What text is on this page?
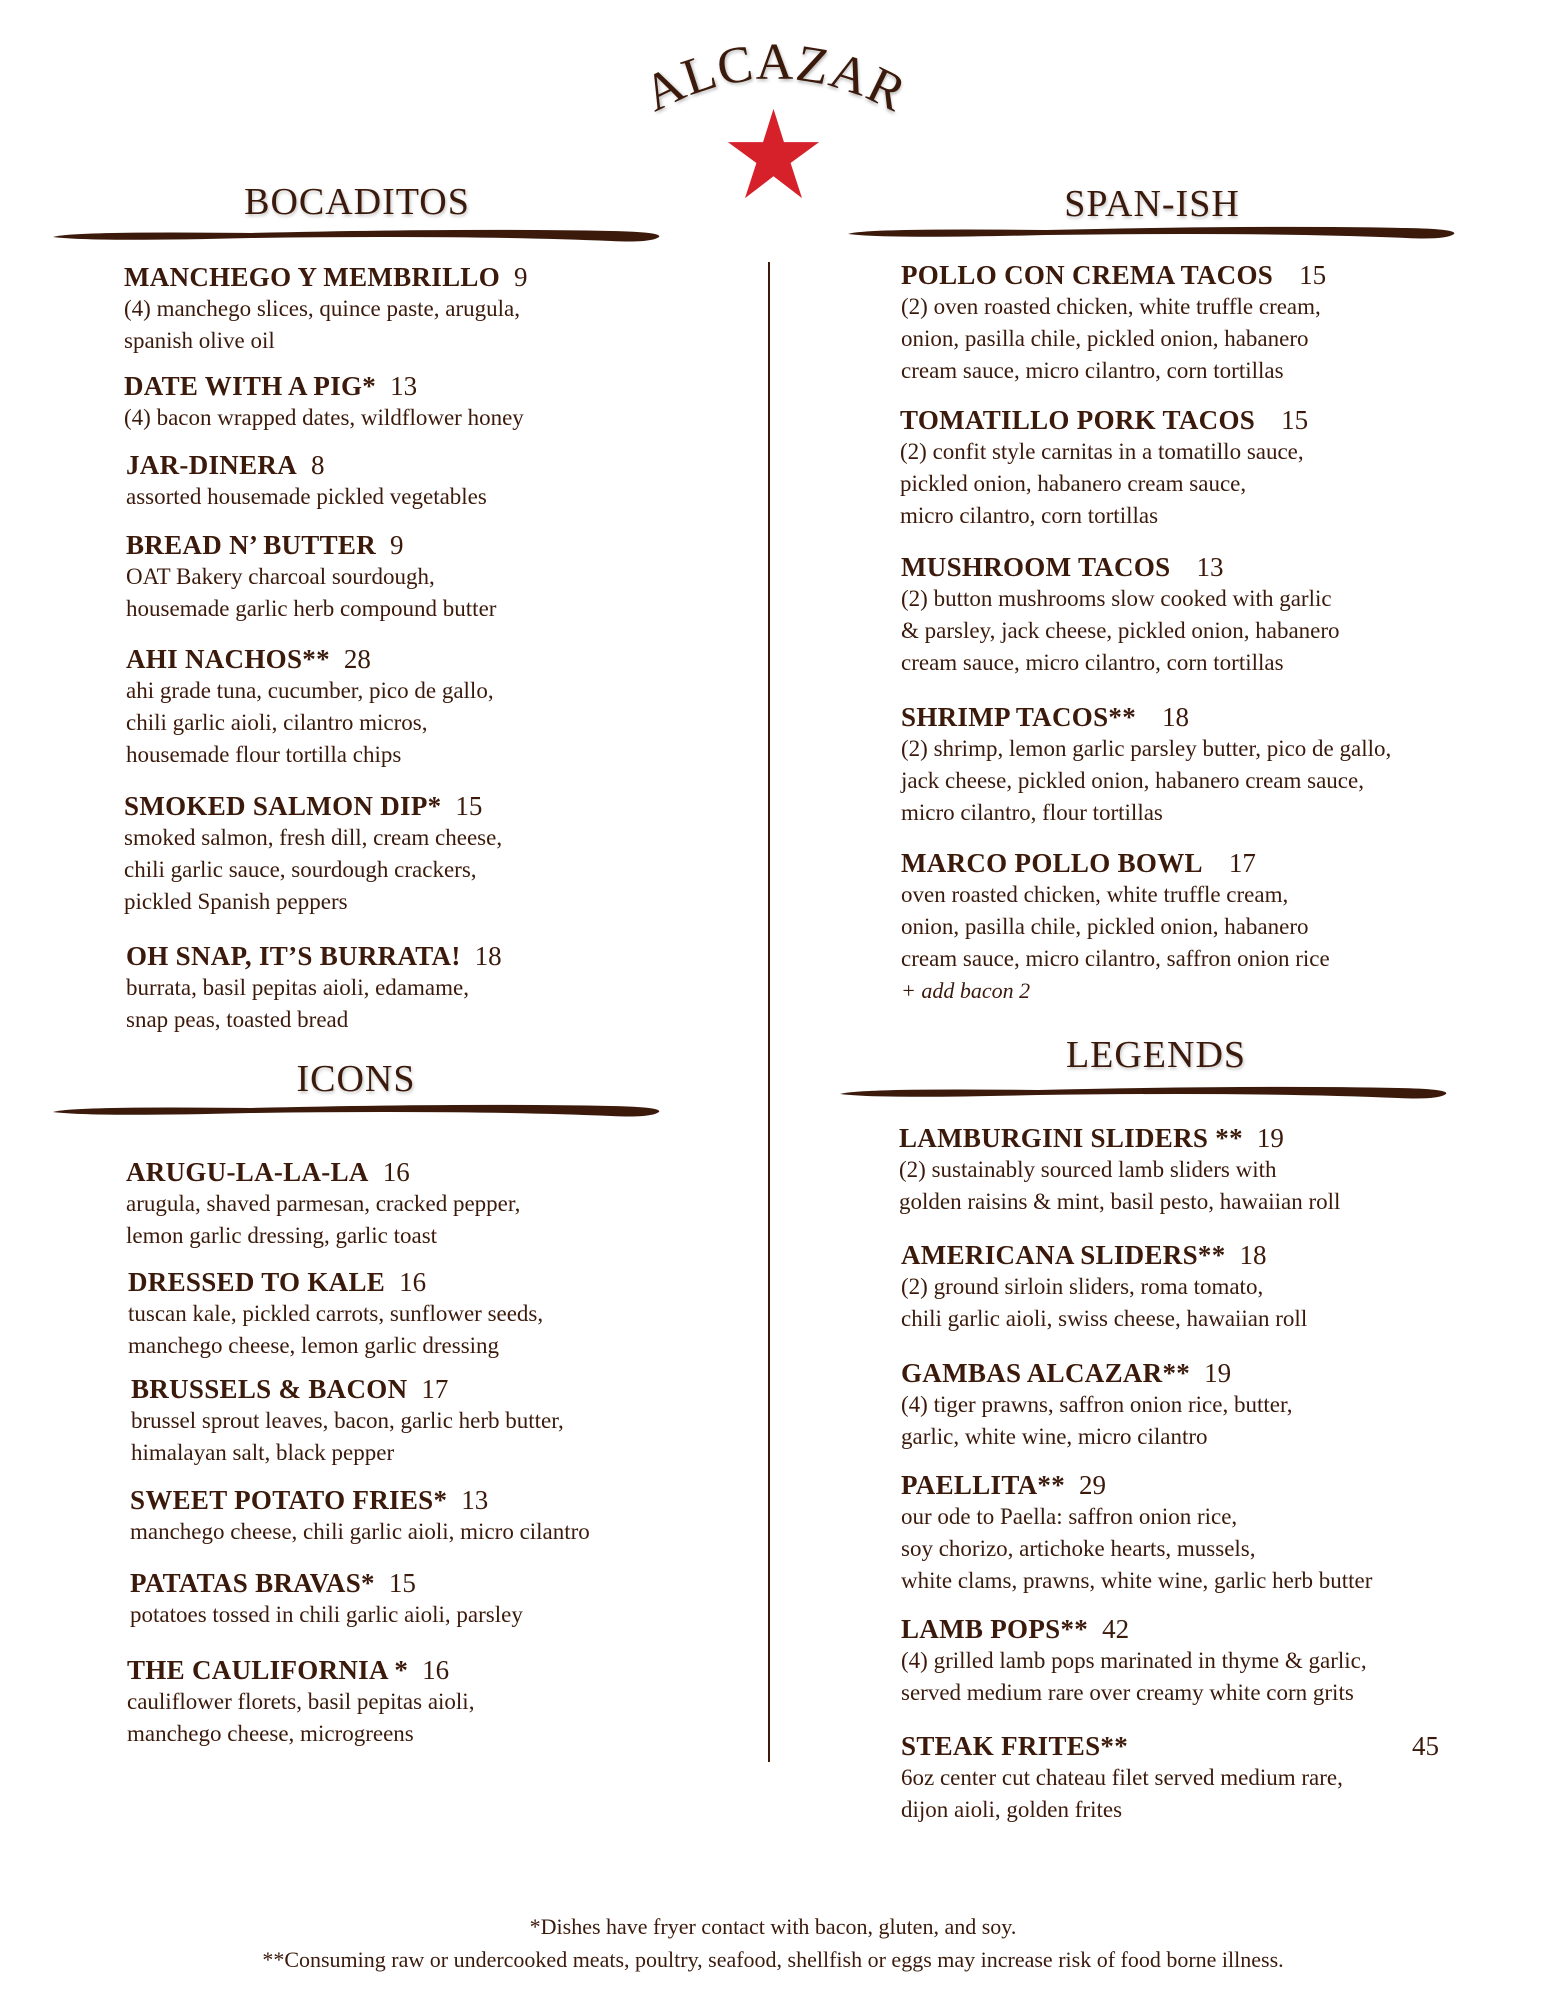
ALCAZAR
BOCADITOS	SPAN-ISH
ICONS
LEGENDS
MANCHEGO Y MEMBRILLO 9
(4) manchego slices, quince paste, arugula,
spanish olive oil
DATE WITH A PIG* 13
(4) bacon wrapped dates, wildflower honey
JAR-DINERA 8
assorted housemade pickled vegetables
BREAD N’ BUTTER 9
OAT Bakery charcoal sourdough,
housemade garlic herb compound butter
AHI NACHOS** 28
ahi grade tuna, cucumber, pico de gallo,
chili garlic aioli, cilantro micros,
housemade flour tortilla chips
SMOKED SALMON DIP* 15
smoked salmon, fresh dill, cream cheese,
chili garlic sauce, sourdough crackers,
pickled Spanish peppers
OH SNAP, IT’S BURRATA! 18
burrata, basil pepitas aioli, edamame,
snap peas, toasted bread
ARUGU-LA-LA-LA 16
arugula, shaved parmesan, cracked pepper,
lemon garlic dressing, garlic toast
DRESSED TO KALE 16
tuscan kale, pickled carrots, sunflower seeds,
manchego cheese, lemon garlic dressing
BRUSSELS & BACON 17
brussel sprout leaves, bacon, garlic herb butter,
himalayan salt, black pepper
SWEET POTATO FRIES* 13
manchego cheese, chili garlic aioli, micro cilantro
PATATAS BRAVAS* 15
potatoes tossed in chili garlic aioli, parsley
THE CAULIFORNIA * 16
cauliflower florets, basil pepitas aioli,
manchego cheese, microgreens
POLLO CON CREMA TACOS 15
(2) oven roasted chicken, white truffle cream,
onion, pasilla chile, pickled onion, habanero
cream sauce, micro cilantro, corn tortillas
TOMATILLO PORK TACOS 15
(2) confit style carnitas in a tomatillo sauce,
pickled onion, habanero cream sauce,
micro cilantro, corn tortillas
MUSHROOM TACOS 13
(2) button mushrooms slow cooked with garlic
& parsley, jack cheese, pickled onion, habanero
cream sauce, micro cilantro, corn tortillas
SHRIMP TACOS** 18
(2) shrimp, lemon garlic parsley butter, pico de gallo,
jack cheese, pickled onion, habanero cream sauce,
micro cilantro, flour tortillas
MARCO POLLO BOWL 17
oven roasted chicken, white truffle cream,
onion, pasilla chile, pickled onion, habanero
cream sauce, micro cilantro, saffron onion rice
+ add bacon 2
LAMBURGINI SLIDERS ** 19
(2) sustainably sourced lamb sliders with
golden raisins & mint, basil pesto, hawaiian roll
AMERICANA SLIDERS** 18
(2) ground sirloin sliders, roma tomato,
chili garlic aioli, swiss cheese, hawaiian roll
GAMBAS ALCAZAR** 19
(4) tiger prawns, saffron onion rice, butter,
garlic, white wine, micro cilantro
PAELLITA** 29
our ode to Paella: saffron onion rice,
soy chorizo, artichoke hearts, mussels,
white clams, prawns, white wine, garlic herb butter
LAMB POPS** 42
(4) grilled lamb pops marinated in thyme & garlic,
served medium rare over creamy white corn grits
STEAK FRITES**	45
6oz center cut chateau filet served medium rare,
dijon aioli, golden frites
*Dishes have fryer contact with bacon, gluten, and soy.
**Consuming raw or undercooked meats, poultry, seafood, shellfish or eggs may increase risk of food borne illness.
